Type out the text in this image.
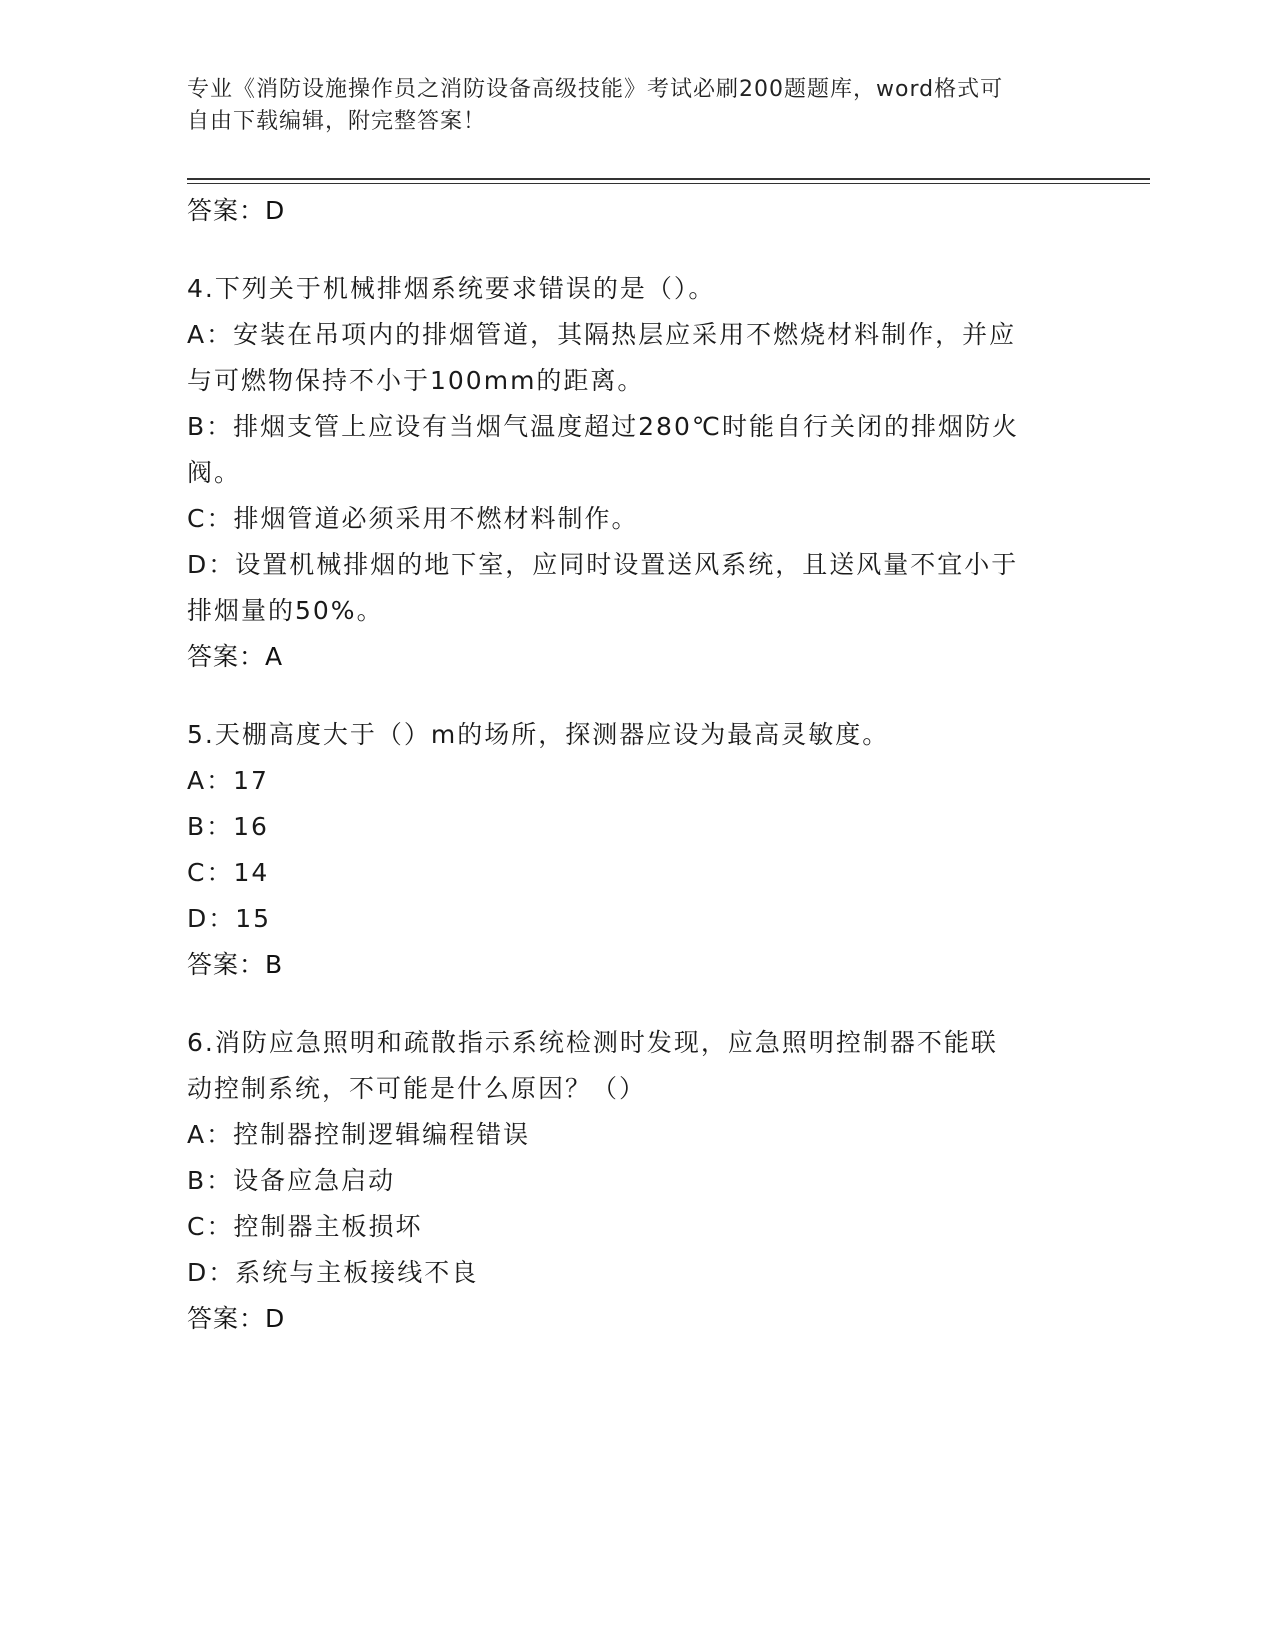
专业《消防设施操作员之消防设备高级技能》考试必刷200题题库，word格式可
自由下载编辑，附完整答案！
答案：D

4.下列关于机械排烟系统要求错误的是（）。

A：安装在吊项内的排烟管道，其隔热层应采用不燃烧材料制作，并应

与可燃物保持不小于100mm的距离。

B：排烟支管上应设有当烟气温度超过280℃时能自行关闭的排烟防火

阀。

C：排烟管道必须采用不燃材料制作。

D：设置机械排烟的地下室，应同时设置送风系统，且送风量不宜小于

排烟量的50%。

答案：A

5.天棚高度大于（）m的场所，探测器应设为最高灵敏度。

A：17

B：16

C：14

D：15

答案：B

6.消防应急照明和疏散指示系统检测时发现，应急照明控制器不能联

动控制系统，不可能是什么原因？（）

A：控制器控制逻辑编程错误

B：设备应急启动

C：控制器主板损坏

D：系统与主板接线不良

答案：D
